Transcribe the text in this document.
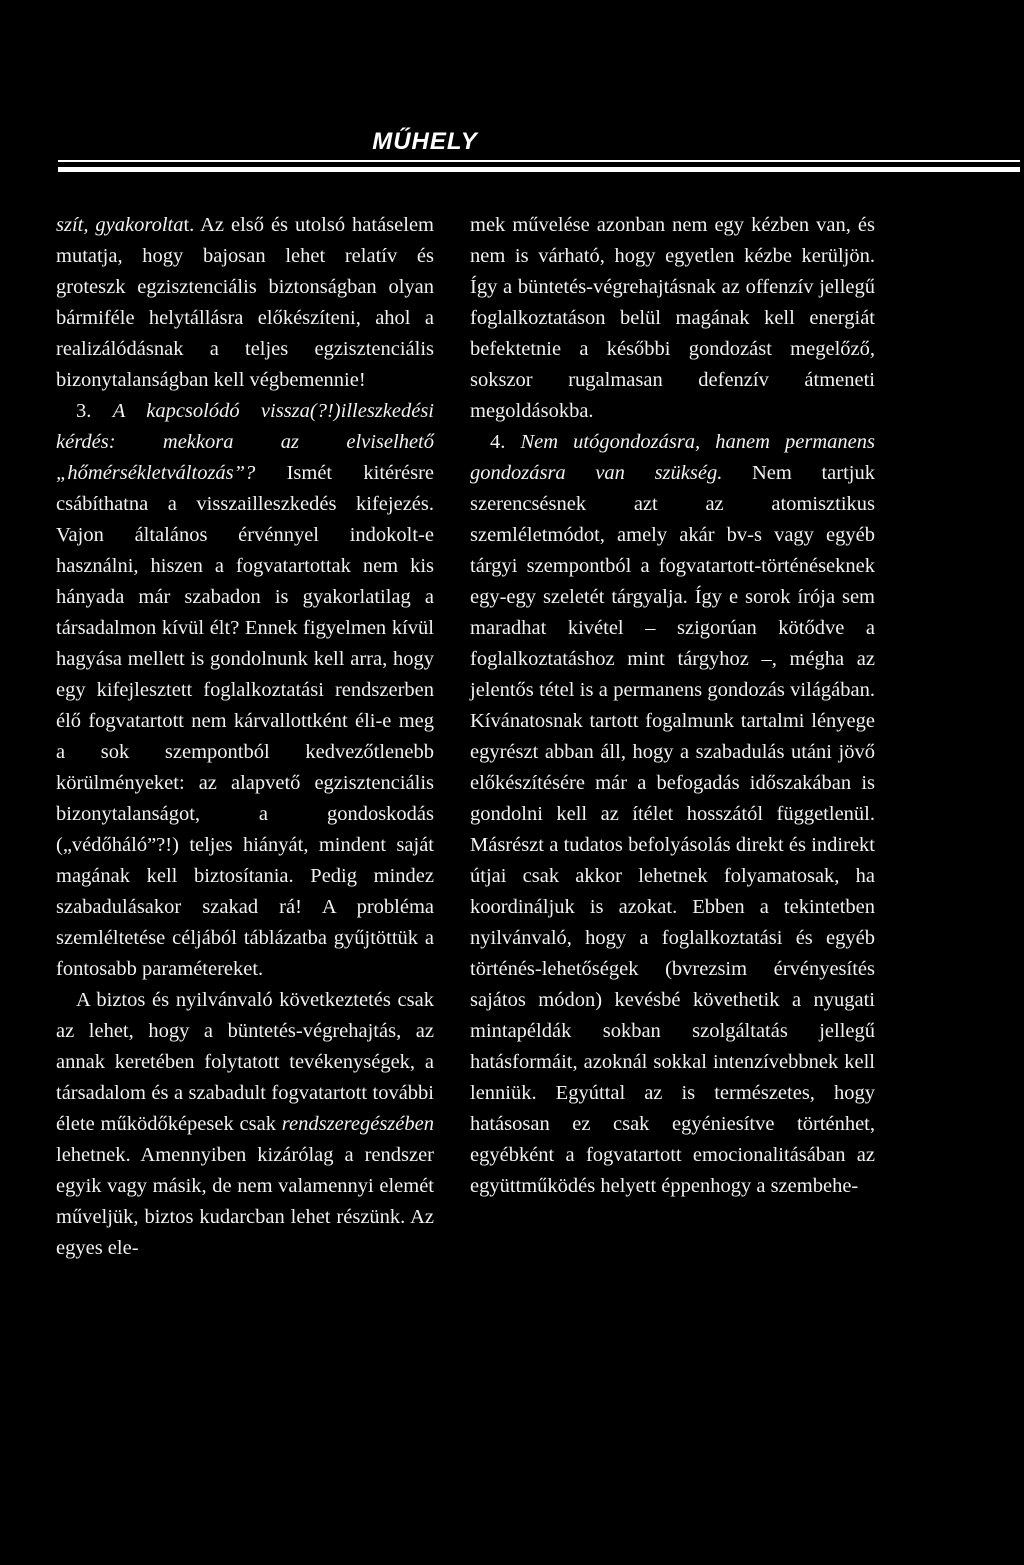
MŰHELY

szít, gyakoroltat. Az első és utolsó hatáselem mutatja, hogy bajosan lehet relatív és groteszk egzisztenciális biztonságban olyan bármiféle helytállásra előkészíteni, ahol a realizálódásnak a teljes egzisztenciális bizonytalanságban kell végbemennie!

3. A kapcsolódó vissza(?!)illeszkedési kérdés: mekkora az elviselhető „hőmérsékletváltozás”? Ismét kitérésre csábíthatna a visszailleszkedés kifejezés. Vajon általános érvénnyel indokolt-e használni, hiszen a fogvatartottak nem kis hányada már szabadon is gyakorlatilag a társadalmon kívül élt? Ennek figyelmen kívül hagyása mellett is gondolnunk kell arra, hogy egy kifejlesztett foglalkoztatási rendszerben élő fogvatartott nem kárvallottként éli-e meg a sok szempontból kedvezőtlenebb körülményeket: az alapvető egzisztenciális bizonytalanságot, a gondoskodás („védőháló”?!) teljes hiányát, mindent saját magának kell biztosítania. Pedig mindez szabadulásakor szakad rá! A probléma szemléltetése céljából táblázatba gyűjtöttük a fontosabb paramétereket.

A biztos és nyilvánvaló következtetés csak az lehet, hogy a büntetés-végrehajtás, az annak keretében folytatott tevékenységek, a társadalom és a szabadult fogvatartott további élete működőképesek csak rendszeregészében lehetnek. Amennyiben kizárólag a rendszer egyik vagy másik, de nem valamennyi elemét műveljük, biztos kudarcban lehet részünk. Az egyes ele-

mek művelése azonban nem egy kézben van, és nem is várható, hogy egyetlen kézbe kerüljön. Így a büntetés-végrehajtásnak az offenzív jellegű foglalkoztatáson belül magának kell energiát befektetnie a későbbi gondozást megelőző, sokszor rugalmasan defenzív átmeneti megoldásokba.

4. Nem utógondozásra, hanem permanens gondozásra van szükség. Nem tartjuk szerencsésnek azt az atomisztikus szemléletmódot, amely akár bv-s vagy egyéb tárgyi szempontból a fogvatartott-történéseknek egy-egy szeletét tárgyalja. Így e sorok írója sem maradhat kivétel – szigorúan kötődve a foglalkoztatáshoz mint tárgyhoz –, mégha az jelentős tétel is a permanens gondozás világában. Kívánatosnak tartott fogalmunk tartalmi lényege egyrészt abban áll, hogy a szabadulás utáni jövő előkészítésére már a befogadás időszakában is gondolni kell az ítélet hosszától függetlenül. Másrészt a tudatos befolyásolás direkt és indirekt útjai csak akkor lehetnek folyamatosak, ha koordináljuk is azokat. Ebben a tekintetben nyilvánvaló, hogy a foglalkoztatási és egyéb történés-lehetőségek (bvrezsim érvényesítés sajátos módon) kevésbé követhetik a nyugati mintapéldák sokban szolgáltatás jellegű hatásformáit, azoknál sokkal intenzívebbnek kell lenniük. Egyúttal az is természetes, hogy hatásosan ez csak egyéniesítve történhet, egyébként a fogvatartott emocionalitásában az együttműködés helyett éppenhogy a szembehe-
